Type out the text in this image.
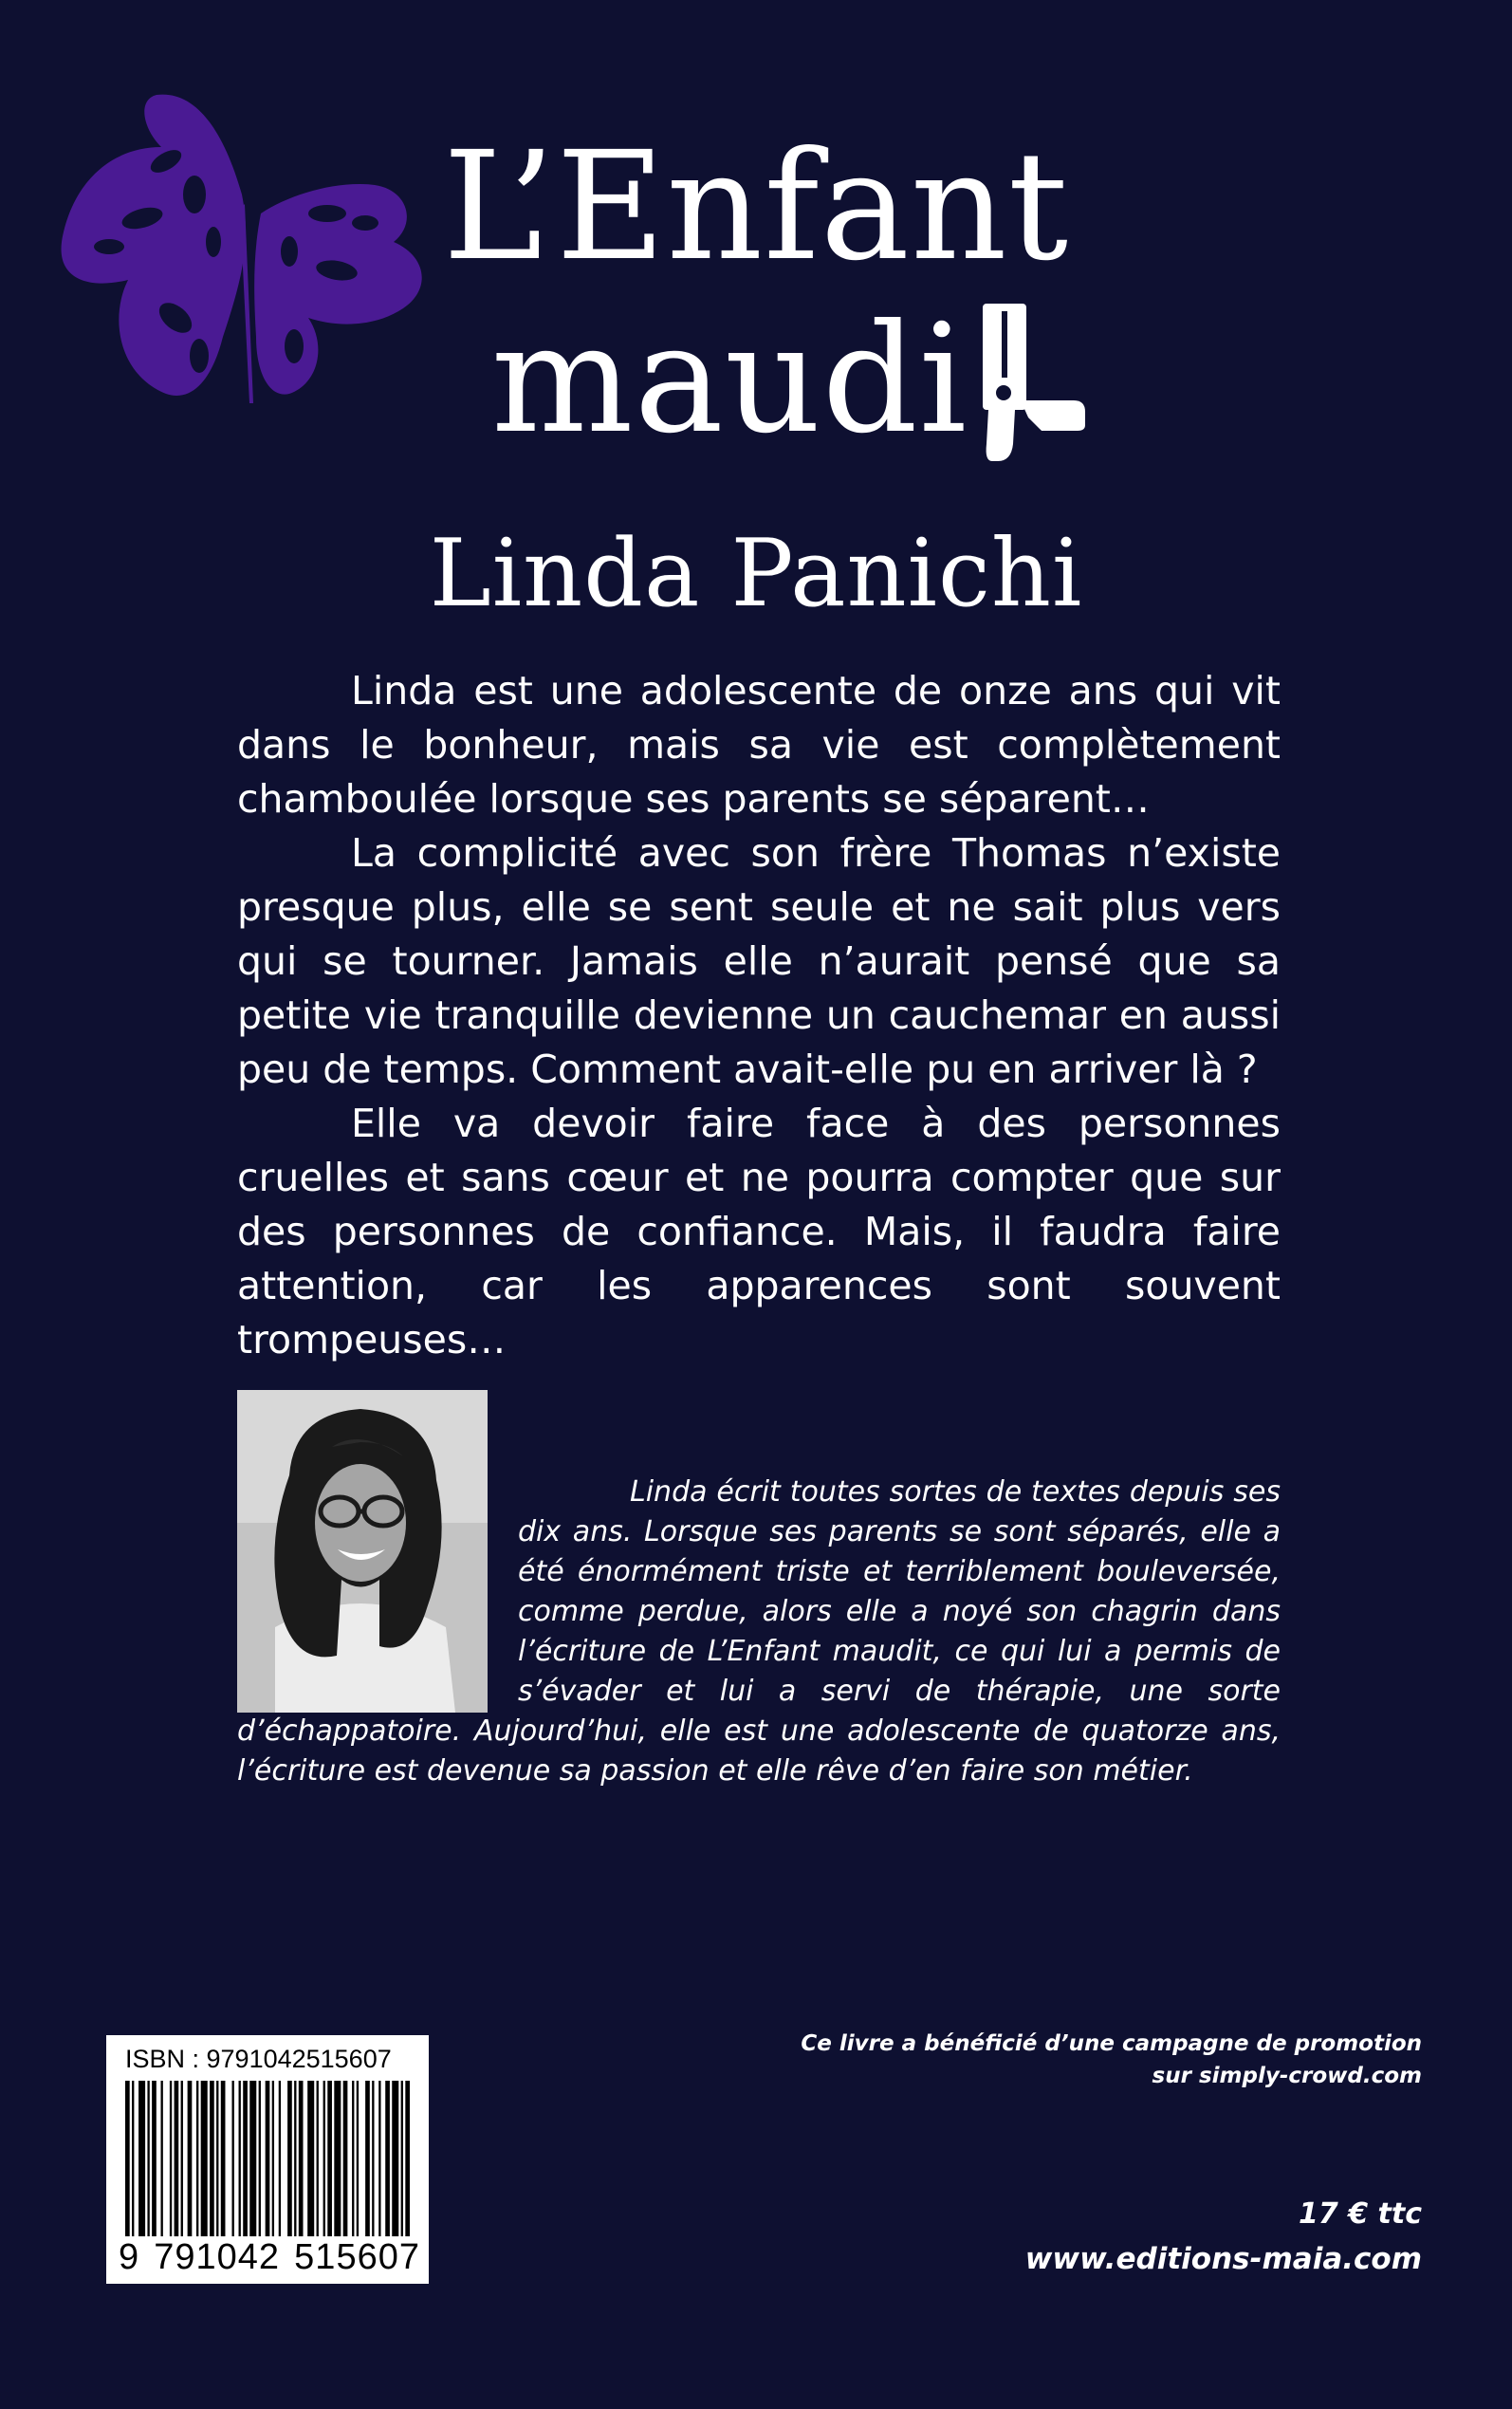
L’Enfant
maudi
Linda Panichi

Linda est une adolescente de onze ans qui vit dans le bonheur, mais sa vie est complètement chamboulée lorsque ses parents se séparent…

La complicité avec son frère Thomas n’existe presque plus, elle se sent seule et ne sait plus vers qui se tourner. Jamais elle n’aurait pensé que sa petite vie tranquille devienne un cauchemar en aussi peu de temps. Comment avait-elle pu en arriver là ?

Elle va devoir faire face à des personnes cruelles et sans cœur et ne pourra compter que sur des personnes de confiance. Mais, il faudra faire attention, car les apparences sont souvent trompeuses…

Linda écrit toutes sortes de textes depuis ses dix ans. Lorsque ses parents se sont séparés, elle a été énormément triste et terriblement bouleversée, comme perdue, alors elle a noyé son chagrin dans l’écriture de L’Enfant maudit, ce qui lui a permis de s’évader et lui a servi de thérapie, une sorte d’échappatoire. Aujourd’hui, elle est une adolescente de quatorze ans, l’écriture est devenue sa passion et elle rêve d’en faire son métier.

ISBN : 9791042515607
9 791042 515607
Ce livre a bénéficié d’une campagne de promotion
sur simply-crowd.com
17 € ttc
www.editions-maia.com
